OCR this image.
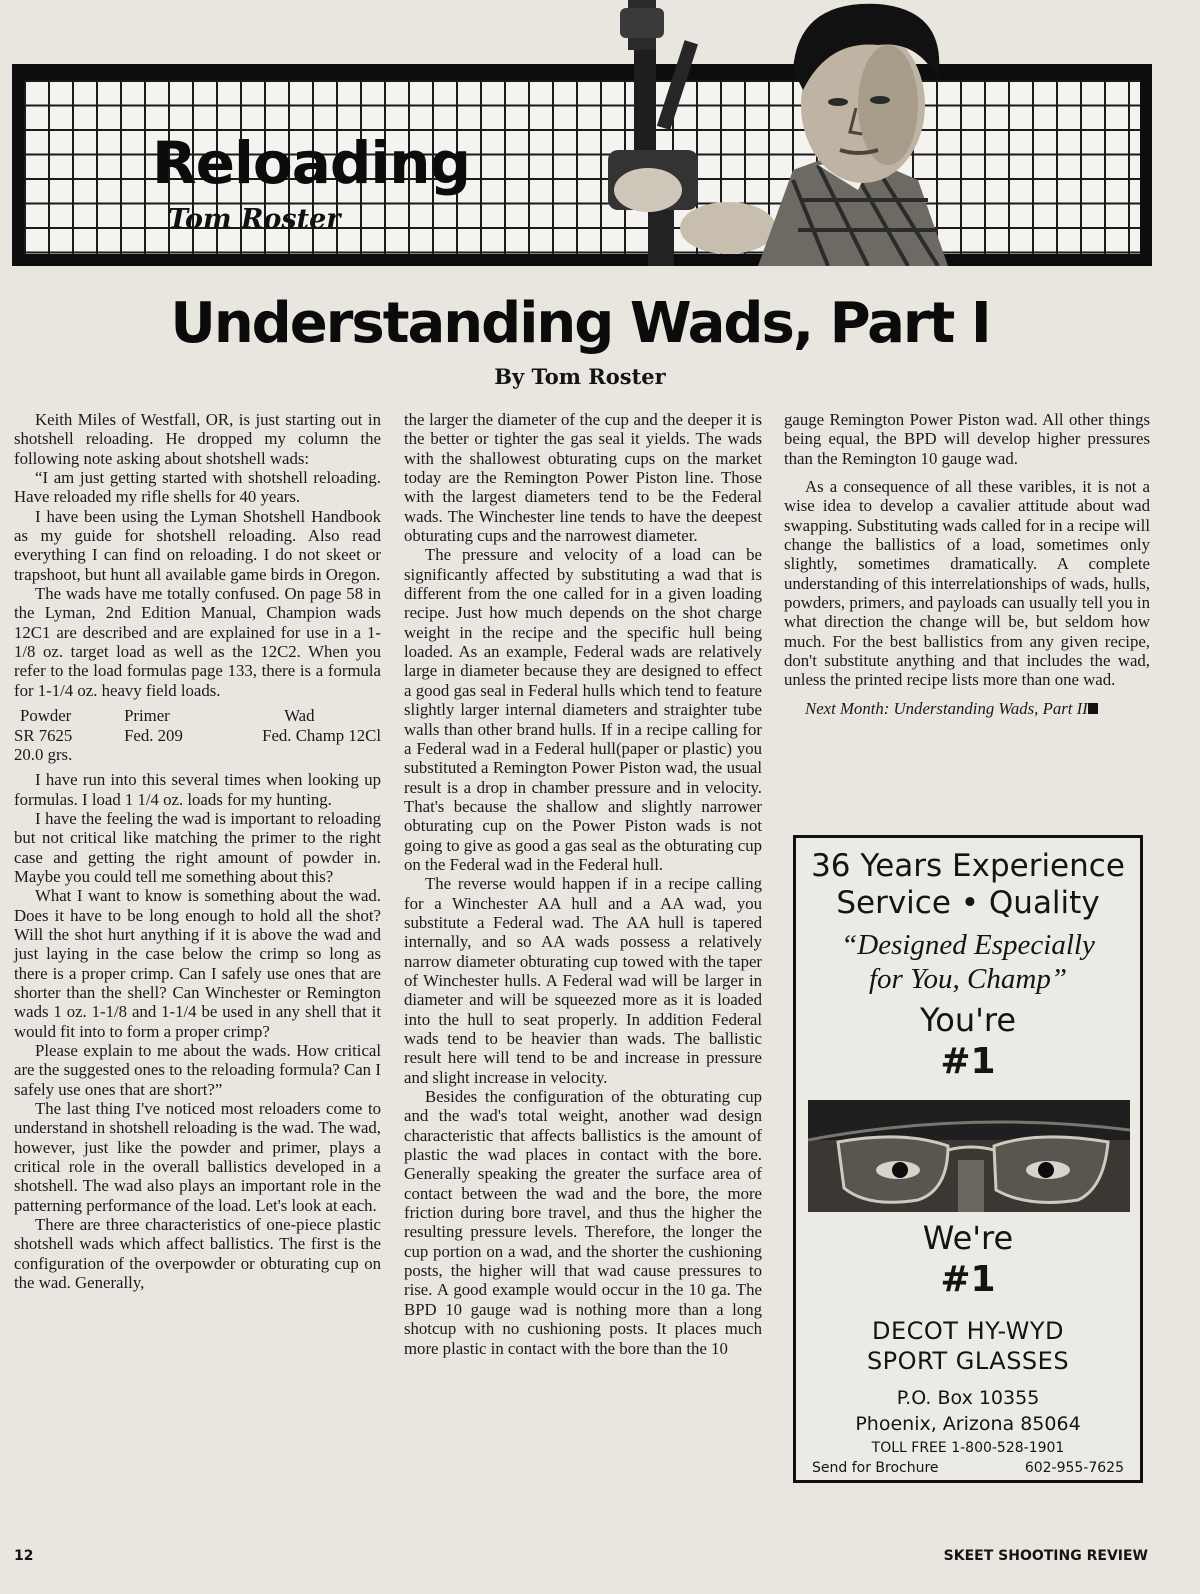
Reloading
Tom Roster
Understanding Wads, Part I
By Tom Roster

Keith Miles of Westfall, OR, is just starting out in shotshell reloading. He dropped my column the following note asking about shotshell wads:

“I am just getting started with shotshell reloading. Have reloaded my rifle shells for 40 years.

I have been using the Lyman Shotshell Handbook as my guide for shotshell reloading. Also read everything I can find on reloading. I do not skeet or trapshoot, but hunt all available game birds in Oregon.

The wads have me totally confused. On page 58 in the Lyman, 2nd Edition Manual, Champion wads 12C1 are described and are explained for use in a 1-1/8 oz. target load as well as the 12C2. When you refer to the load formulas page 133, there is a formula for 1-1/4 oz. heavy field loads.

Powder	Primer	Wad
SR 7625	Fed. 209	Fed. Champ 12Cl
20.0 grs.		

I have run into this several times when looking up formulas. I load 1 1/4 oz. loads for my hunting.

I have the feeling the wad is important to reloading but not critical like matching the primer to the right case and getting the right amount of powder in. Maybe you could tell me something about this?

What I want to know is something about the wad. Does it have to be long enough to hold all the shot? Will the shot hurt anything if it is above the wad and just laying in the case below the crimp so long as there is a proper crimp. Can I safely use ones that are shorter than the shell? Can Winchester or Remington wads 1 oz. 1-1/8 and 1-1/4 be used in any shell that it would fit into to form a proper crimp?

Please explain to me about the wads. How critical are the suggested ones to the reloading formula? Can I safely use ones that are short?”

The last thing I've noticed most reloaders come to understand in shotshell reloading is the wad. The wad, however, just like the powder and primer, plays a critical role in the overall ballistics developed in a shotshell. The wad also plays an important role in the patterning performance of the load. Let's look at each.

There are three characteristics of one-piece plastic shotshell wads which affect ballistics. The first is the configuration of the overpowder or obturating cup on the wad. Generally,

the larger the diameter of the cup and the deeper it is the better or tighter the gas seal it yields. The wads with the shallowest obturating cups on the market today are the Remington Power Piston line. Those with the largest diameters tend to be the Federal wads. The Winchester line tends to have the deepest obturating cups and the narrowest diameter.

The pressure and velocity of a load can be significantly affected by substituting a wad that is different from the one called for in a given loading recipe. Just how much depends on the shot charge weight in the recipe and the specific hull being loaded. As an example, Federal wads are relatively large in diameter because they are designed to effect a good gas seal in Federal hulls which tend to feature slightly larger internal diameters and straighter tube walls than other brand hulls. If in a recipe calling for a Federal wad in a Federal hull(paper or plastic) you substituted a Remington Power Piston wad, the usual result is a drop in chamber pressure and in velocity. That's because the shallow and slightly narrower obturating cup on the Power Piston wads is not going to give as good a gas seal as the obturating cup on the Federal wad in the Federal hull.

The reverse would happen if in a recipe calling for a Winchester AA hull and a AA wad, you substitute a Federal wad. The AA hull is tapered internally, and so AA wads possess a relatively narrow diameter obturating cup towed with the taper of Winchester hulls. A Federal wad will be larger in diameter and will be squeezed more as it is loaded into the hull to seat properly. In addition Federal wads tend to be heavier than wads. The ballistic result here will tend to be and increase in pressure and slight increase in velocity.

Besides the configuration of the obturating cup and the wad's total weight, another wad design characteristic that affects ballistics is the amount of plastic the wad places in contact with the bore. Generally speaking the greater the surface area of contact between the wad and the bore, the more friction during bore travel, and thus the higher the resulting pressure levels. Therefore, the longer the cup portion on a wad, and the shorter the cushioning posts, the higher will that wad cause pressures to rise. A good example would occur in the 10 ga. The BPD 10 gauge wad is nothing more than a long shotcup with no cushioning posts. It places much more plastic in contact with the bore than the 10

gauge Remington Power Piston wad. All other things being equal, the BPD will develop higher pressures than the Remington 10 gauge wad.

As a consequence of all these varibles, it is not a wise idea to develop a cavalier attitude about wad swapping. Substituting wads called for in a recipe will change the ballistics of a load, sometimes only slightly, sometimes dramatically. A complete understanding of this interrelationships of wads, hulls, powders, primers, and payloads can usually tell you in what direction the change will be, but seldom how much. For the best ballistics from any given recipe, don't substitute anything and that includes the wad, unless the printed recipe lists more than one wad.

Next Month: Understanding Wads, Part II

36 Years Experience
Service • Quality
“Designed Especially
for You, Champ”
You're
#1
We're
#1
DECOT HY-WYD
SPORT GLASSES
P.O. Box 10355
Phoenix, Arizona 85064
TOLL FREE 1-800-528-1901
Send for Brochure	602-955-7625
12	SKEET SHOOTING REVIEW
